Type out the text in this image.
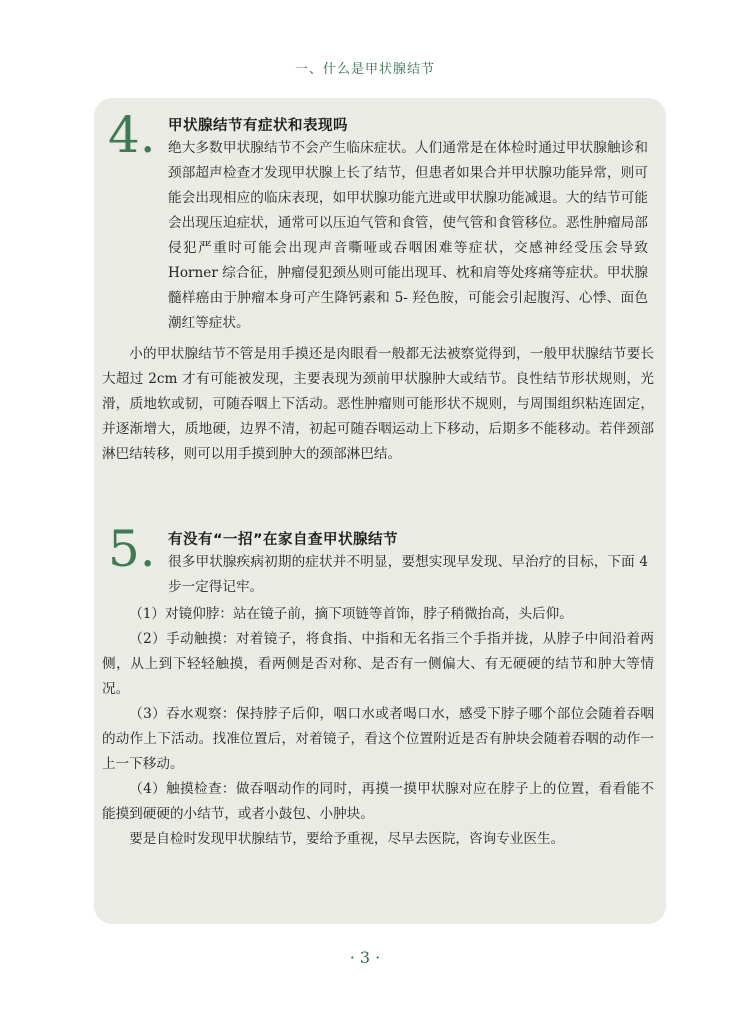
一、什么是甲状腺结节
4. 甲状腺结节有症状和表现吗

绝大多数甲状腺结节不会产生临床症状。人们通常是在体检时通过甲状腺触诊和颈部超声检查才发现甲状腺上长了结节，但患者如果合并甲状腺功能异常，则可能会出现相应的临床表现，如甲状腺功能亢进或甲状腺功能减退。大的结节可能会出现压迫症状，通常可以压迫气管和食管，使气管和食管移位。恶性肿瘤局部侵犯严重时可能会出现声音嘶哑或吞咽困难等症状，交感神经受压会导致 Horner 综合征，肿瘤侵犯颈丛则可能出现耳、枕和肩等处疼痛等症状。甲状腺髓样癌由于肿瘤本身可产生降钙素和 5- 羟色胺，可能会引起腹泻、心悸、面色潮红等症状。

小的甲状腺结节不管是用手摸还是肉眼看一般都无法被察觉得到，一般甲状腺结节要长大超过 2cm 才有可能被发现，主要表现为颈前甲状腺肿大或结节。良性结节形状规则，光滑，质地软或韧，可随吞咽上下活动。恶性肿瘤则可能形状不规则，与周围组织粘连固定，并逐渐增大，质地硬，边界不清，初起可随吞咽运动上下移动，后期多不能移动。若伴颈部淋巴结转移，则可以用手摸到肿大的颈部淋巴结。

5. 有没有“一招”在家自查甲状腺结节

很多甲状腺疾病初期的症状并不明显，要想实现早发现、早治疗的目标，下面 4 步一定得记牢。

（1）对镜仰脖：站在镜子前，摘下项链等首饰，脖子稍微抬高，头后仰。

（2）手动触摸：对着镜子，将食指、中指和无名指三个手指并拢，从脖子中间沿着两侧，从上到下轻轻触摸，看两侧是否对称、是否有一侧偏大、有无硬硬的结节和肿大等情况。

（3）吞水观察：保持脖子后仰，咽口水或者喝口水，感受下脖子哪个部位会随着吞咽的动作上下活动。找准位置后，对着镜子，看这个位置附近是否有肿块会随着吞咽的动作一上一下移动。

（4）触摸检查：做吞咽动作的同时，再摸一摸甲状腺对应在脖子上的位置，看看能不能摸到硬硬的小结节，或者小鼓包、小肿块。

要是自检时发现甲状腺结节，要给予重视，尽早去医院，咨询专业医生。

· 3 ·
